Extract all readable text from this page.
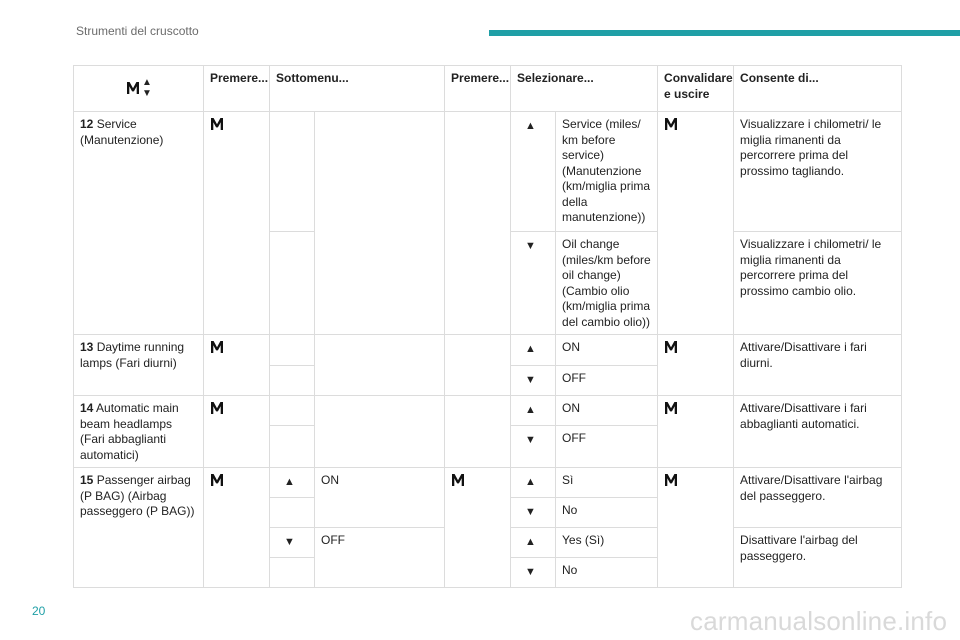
Strumenti del cruscotto
▲
▼	Premere...	Sottomenu...		Premere...	Selezionare...		Convalidare e uscire	Consente di...
12 Service (Manutenzione)					▲	Service (miles/ km before service) (Manutenzione (km/miglia prima della manutenzione))		Visualizzare i chilometri/ le miglia rimanenti da percorrere prima del prossimo tagliando.
					▼	Oil change (miles/km before oil change) (Cambio olio (km/miglia prima del cambio olio))		Visualizzare i chilometri/ le miglia rimanenti da percorrere prima del prossimo cambio olio.
13 Daytime running lamps (Fari diurni)					▲	ON		Attivare/Disattivare i fari diurni.
					▼	OFF		
14 Automatic main beam headlamps (Fari abbaglianti automatici)					▲	ON		Attivare/Disattivare i fari abbaglianti automatici.
					▼	OFF		
15 Passenger airbag (P BAG) (Airbag passeggero (P BAG))		▲	ON		▲	Sì		Attivare/Disattivare l'airbag del passeggero.
					▼	No		
		▼	OFF		▲	Yes (Sì)		Disattivare l'airbag del passeggero.
					▼	No		
20	carmanualsonline.info
